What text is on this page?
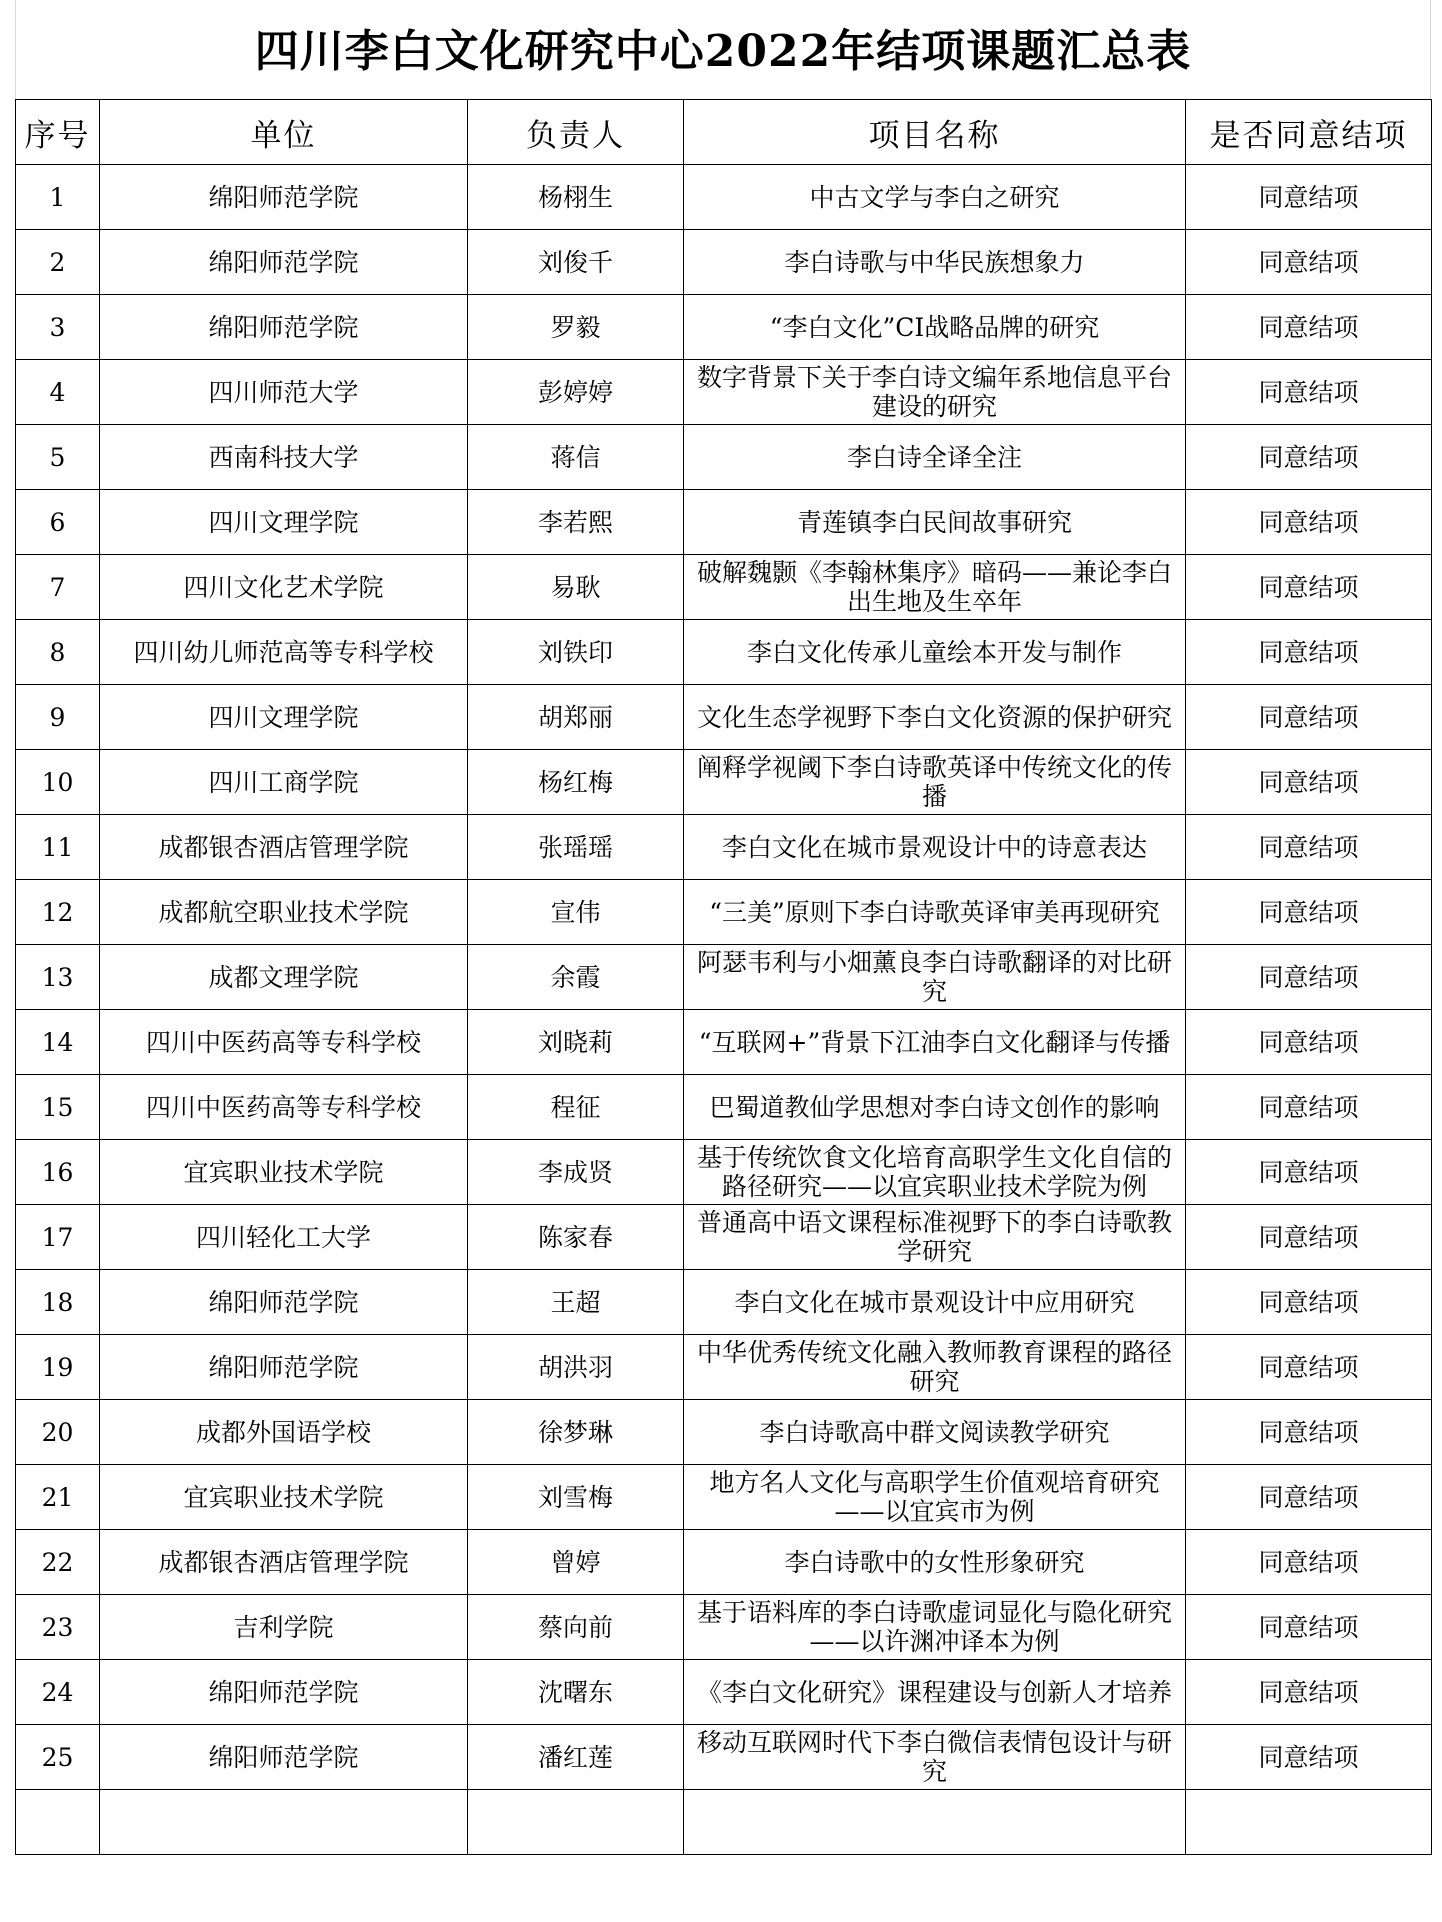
四川李白文化研究中心2022年结项课题汇总表
序号	单位	负责人	项目名称	是否同意结项
1	绵阳师范学院	杨栩生	中古文学与李白之研究	同意结项
2	绵阳师范学院	刘俊千	李白诗歌与中华民族想象力	同意结项
3	绵阳师范学院	罗毅	“李白文化”CI战略品牌的研究	同意结项
4	四川师范大学	彭婷婷	数字背景下关于李白诗文编年系地信息平台建设的研究	同意结项
5	西南科技大学	蒋信	李白诗全译全注	同意结项
6	四川文理学院	李若熙	青莲镇李白民间故事研究	同意结项
7	四川文化艺术学院	易耿	破解魏颢《李翰林集序》暗码——兼论李白出生地及生卒年	同意结项
8	四川幼儿师范高等专科学校	刘铁印	李白文化传承儿童绘本开发与制作	同意结项
9	四川文理学院	胡郑丽	文化生态学视野下李白文化资源的保护研究	同意结项
10	四川工商学院	杨红梅	阐释学视阈下李白诗歌英译中传统文化的传播	同意结项
11	成都银杏酒店管理学院	张瑶瑶	李白文化在城市景观设计中的诗意表达	同意结项
12	成都航空职业技术学院	宣伟	“三美”原则下李白诗歌英译审美再现研究	同意结项
13	成都文理学院	余霞	阿瑟韦利与小畑薰良李白诗歌翻译的对比研究	同意结项
14	四川中医药高等专科学校	刘晓莉	“互联网+”背景下江油李白文化翻译与传播	同意结项
15	四川中医药高等专科学校	程征	巴蜀道教仙学思想对李白诗文创作的影响	同意结项
16	宜宾职业技术学院	李成贤	基于传统饮食文化培育高职学生文化自信的路径研究——以宜宾职业技术学院为例	同意结项
17	四川轻化工大学	陈家春	普通高中语文课程标准视野下的李白诗歌教学研究	同意结项
18	绵阳师范学院	王超	李白文化在城市景观设计中应用研究	同意结项
19	绵阳师范学院	胡洪羽	中华优秀传统文化融入教师教育课程的路径研究	同意结项
20	成都外国语学校	徐梦琳	李白诗歌高中群文阅读教学研究	同意结项
21	宜宾职业技术学院	刘雪梅	地方名人文化与高职学生价值观培育研究——以宜宾市为例	同意结项
22	成都银杏酒店管理学院	曾婷	李白诗歌中的女性形象研究	同意结项
23	吉利学院	蔡向前	基于语料库的李白诗歌虚词显化与隐化研究——以许渊冲译本为例	同意结项
24	绵阳师范学院	沈曙东	《李白文化研究》课程建设与创新人才培养	同意结项
25	绵阳师范学院	潘红莲	移动互联网时代下李白微信表情包设计与研究	同意结项
